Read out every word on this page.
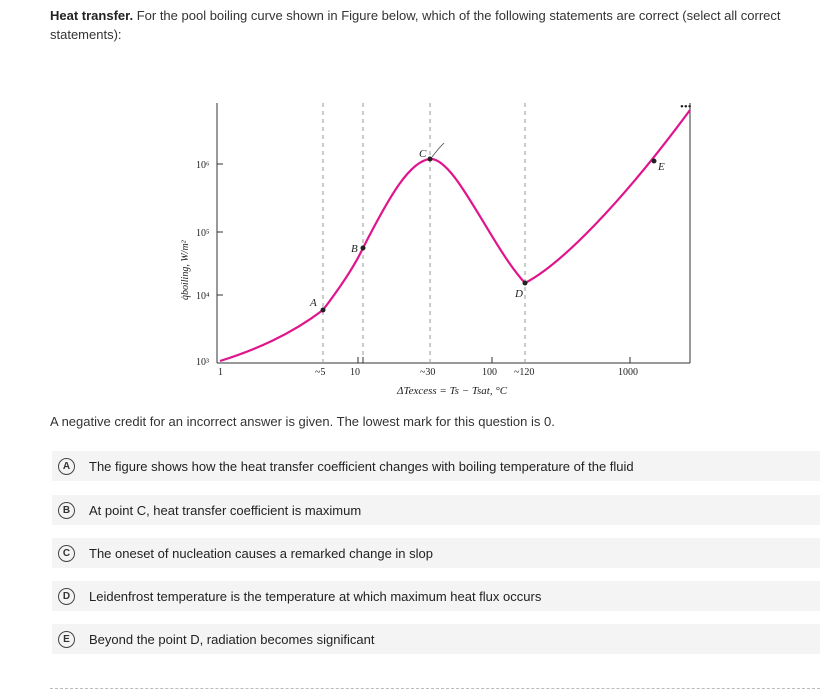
Heat transfer. For the pool boiling curve shown in Figure below, which of the following statements are correct (select all correct statements):
•••
10⁶
10⁵
10⁴
10³
1	~5 10	~30	100 ~120	1000
ΔTexcess = Ts − Tsat, °C
q̇boiling, W/m²
A
B
C
D
E
A negative credit for an incorrect answer is given. The lowest mark for this question is 0.
A	The figure shows how the heat transfer coefficient changes with boiling temperature of the fluid
B	At point C, heat transfer coefficient is maximum
C	The oneset of nucleation causes a remarked change in slop
D	Leidenfrost temperature is the temperature at which maximum heat flux occurs
E	Beyond the point D, radiation becomes significant
